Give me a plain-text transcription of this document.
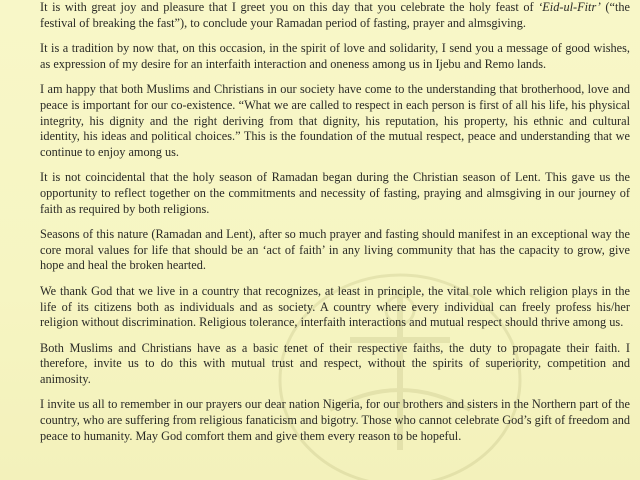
It is with great joy and pleasure that I greet you on this day that you celebrate the holy feast of ‘Eid-ul-Fitr’ (“the festival of breaking the fast”), to conclude your Ramadan period of fasting, prayer and almsgiving.

It is a tradition by now that, on this occasion, in the spirit of love and solidarity, I send you a message of good wishes, as expression of my desire for an interfaith interaction and oneness among us in Ijebu and Remo lands.

I am happy that both Muslims and Christians in our society have come to the understanding that brotherhood, love and peace is important for our co-existence. “What we are called to respect in each person is first of all his life, his physical integrity, his dignity and the right deriving from that dignity, his reputation, his property, his ethnic and cultural identity, his ideas and political choices.” This is the foundation of the mutual respect, peace and understanding that we continue to enjoy among us.

It is not coincidental that the holy season of Ramadan began during the Christian season of Lent. This gave us the opportunity to reflect together on the commitments and necessity of fasting, praying and almsgiving in our journey of faith as required by both religions.

Seasons of this nature (Ramadan and Lent), after so much prayer and fasting should manifest in an exceptional way the core moral values for life that should be an ‘act of faith’ in any living community that has the capacity to grow, give hope and heal the broken hearted.

We thank God that we live in a country that recognizes, at least in principle, the vital role which religion plays in the life of its citizens both as individuals and as society. A country where every individual can freely profess his/her religion without discrimination. Religious tolerance, interfaith interactions and mutual respect should thrive among us.

Both Muslims and Christians have as a basic tenet of their respective faiths, the duty to propagate their faith. I therefore, invite us to do this with mutual trust and respect, without the spirits of superiority, competition and animosity.

I invite us all to remember in our prayers our dear nation Nigeria, for our brothers and sisters in the Northern part of the country, who are suffering from religious fanaticism and bigotry. Those who cannot celebrate God’s gift of freedom and peace to humanity. May God comfort them and give them every reason to be hopeful.
